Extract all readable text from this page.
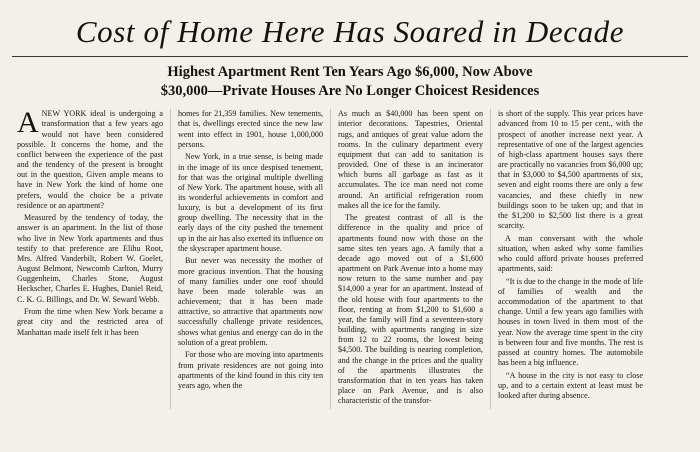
Cost of Home Here Has Soared in Decade
Highest Apartment Rent Ten Years Ago $6,000, Now Above
$30,000—Private Houses Are No Longer Choicest Residences

ANEW YORK ideal is undergoing a transformation that a few years ago would not have been considered possible. It concerns the home, and the conflict between the experience of the past and the tendency of the present is brought out in the question, Given ample means to have in New York the kind of home one prefers, would the choice be a private residence or an apartment?

Measured by the tendency of today, the answer is an apartment. In the list of those who live in New York apartments and thus testify to that preference are Elihu Root, Mrs. Alfred Vanderbilt, Robert W. Goelet, August Belmont, Newcomb Carlton, Murry Guggenheim, Charles Stone, August Heckscher, Charles E. Hughes, Daniel Reid, C. K. G. Billings, and Dr. W. Seward Webb.

From the time when New York became a great city and the restricted area of Manhattan made itself felt it has been

homes for 21,359 families. New tenements, that is, dwellings erected since the new law went into effect in 1901, house 1,000,000 persons.

New York, in a true sense, is being made in the image of its once despised tenement, for that was the original multiple dwelling of New York. The apartment house, with all its wonderful achievements in comfort and luxury, is but a development of its first group dwelling. The necessity that in the early days of the city pushed the tenement up in the air has also exerted its influence on the skyscraper apartment house.

But never was necessity the mother of more gracious invention. That the housing of many families under one roof should have been made tolerable was an achievement; that it has been made attractive, so attractive that apartments now successfully challenge private residences, shows what genius and energy can do in the solution of a great problem.

For those who are moving into apartments from private residences are not going into apartments of the kind found in this city ten years ago, when the

As much as $40,000 has been spent on interior decorations. Tapestries, Oriental rugs, and antiques of great value adorn the rooms. In the culinary department every equipment that can add to sanitation is provided. One of these is an incinerator which burns all garbage as fast as it accumulates. The ice man need not come around. An artificial refrigeration room makes all the ice for the family.

The greatest contrast of all is the difference in the quality and price of apartments found now with those on the same sites ten years ago. A family that a decade ago moved out of a $1,600 apartment on Park Avenue into a home may now return to the same number and pay $14,000 a year for an apartment. Instead of the old house with four apartments to the floor, renting at from $1,200 to $1,600 a year, the family will find a seventeen-story building, with apartments ranging in size from 12 to 22 rooms, the lowest being $4,500. The building is nearing completion, and the change in the prices and the quality of the apartments illustrates the transformation that in ten years has taken place on Park Avenue, and is also characteristic of the transfor-

is short of the supply. This year prices have advanced from 10 to 15 per cent., with the prospect of another increase next year. A representative of one of the largest agencies of high-class apartment houses says there are practically no vacancies from $6,000 up; that in $3,000 to $4,500 apartments of six, seven and eight rooms there are only a few vacancies, and these chiefly in new buildings soon to be taken up; and that in the $1,200 to $2,500 list there is a great scarcity.

A man conversant with the whole situation, when asked why some families who could afford private houses preferred apartments, said:

“It is due to the change in the mode of life of families of wealth and the accommodation of the apartment to that change. Until a few years ago families with houses in town lived in them most of the year. Now the average time spent in the city is between four and five months. The rest is passed at country homes. The automobile has been a big influence.

“A house in the city is not easy to close up, and to a certain extent at least must be looked after during absence.
